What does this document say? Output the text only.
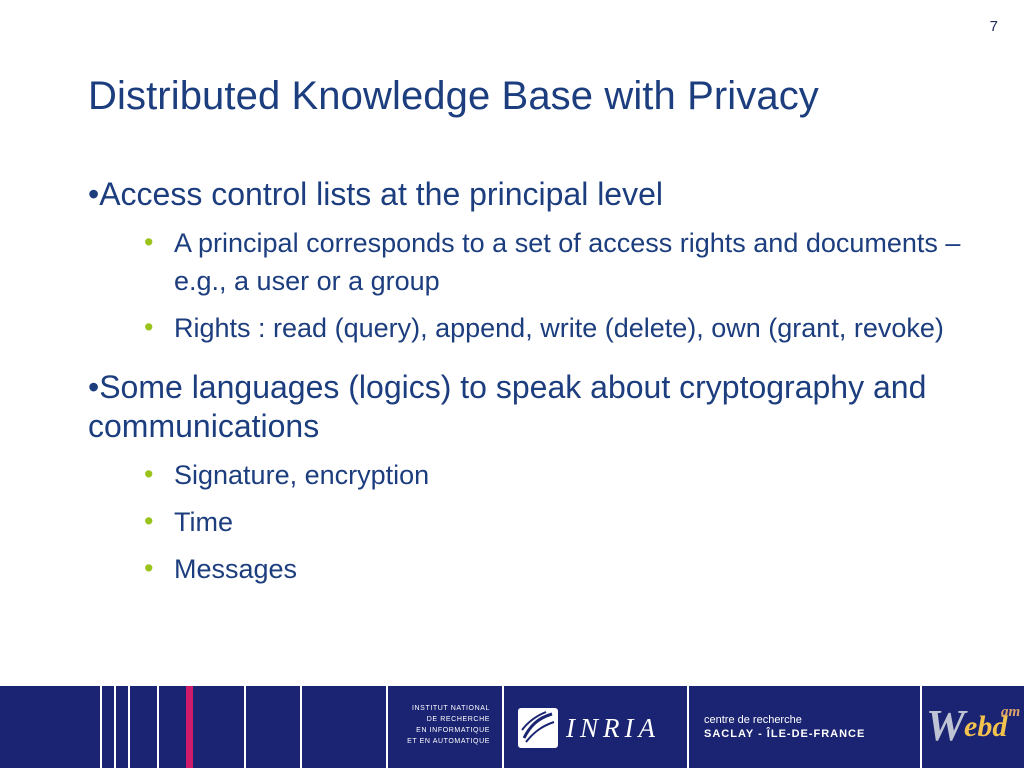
7
Distributed Knowledge Base with Privacy

•Access control lists at the principal level

• A principal corresponds to a set of access rights and documents – e.g., a user or a group
• Rights : read (query), append, write (delete), own (grant, revoke)

•Some languages (logics) to speak about cryptography and communications

• Signature, encryption
• Time
• Messages
INSTITUT NATIONAL
DE RECHERCHE
EN INFORMATIQUE
ET EN AUTOMATIQUE	INRIA	centre de recherche
SACLAY - ÎLE-DE-FRANCE W
ebd
am
